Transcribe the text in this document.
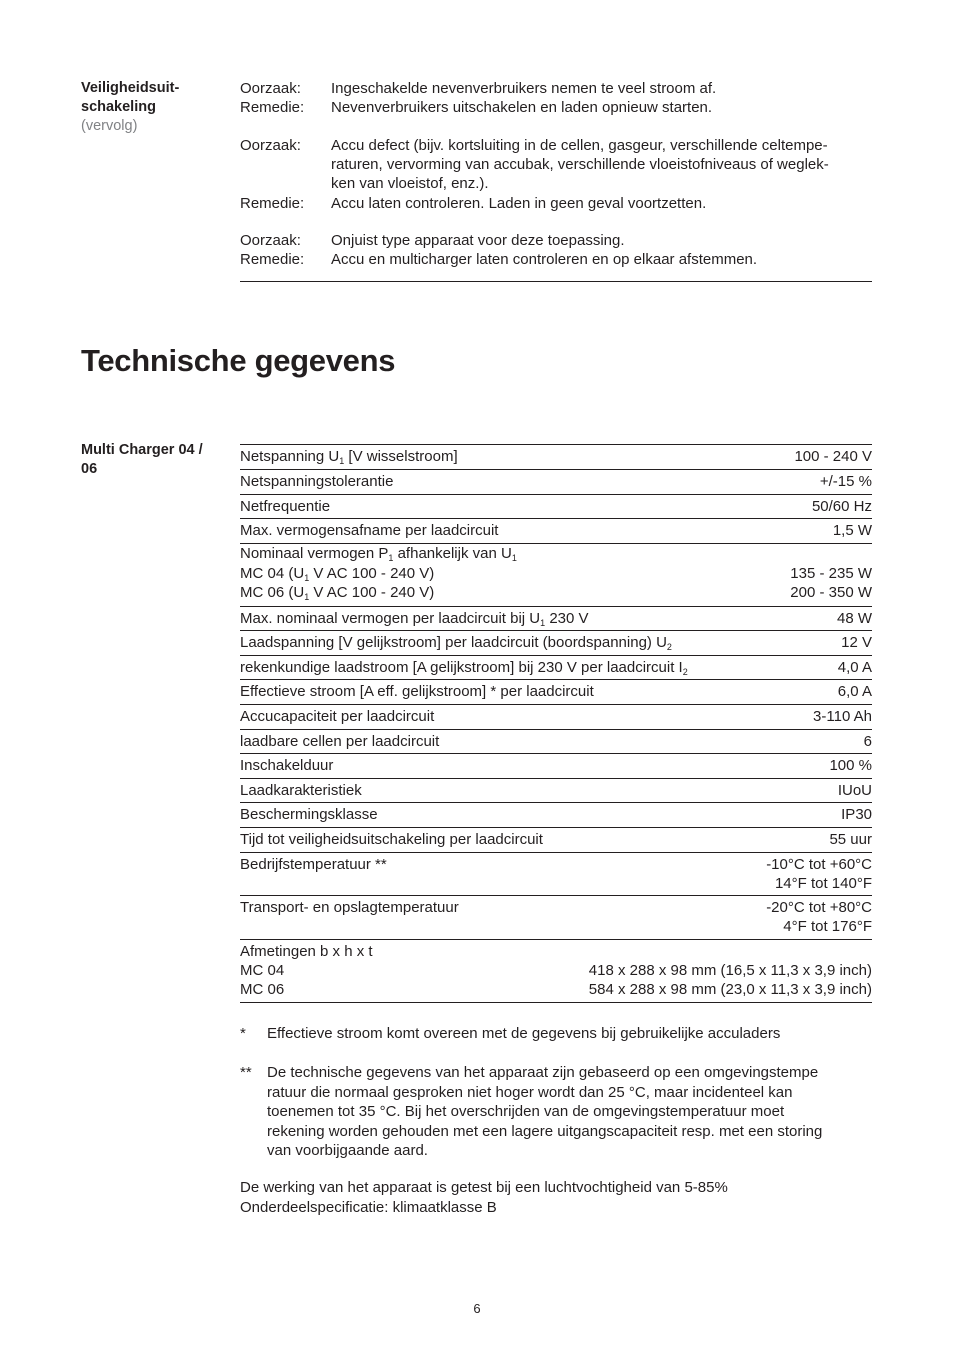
Veiligheidsuit-
schakeling
(vervolg)
Oorzaak: Ingeschakelde nevenverbruikers nemen te veel stroom af.
Remedie: Nevenverbruikers uitschakelen en laden opnieuw starten.
Oorzaak: Accu defect (bijv. kortsluiting in de cellen, gasgeur, verschillende celtempe-
raturen, vervorming van accubak, verschillende vloeistofniveaus of weglek-
ken van vloeistof, enz.).
Remedie: Accu laten controleren. Laden in geen geval voortzetten.
Oorzaak: Onjuist type apparaat voor deze toepassing.
Remedie: Accu en multicharger laten controleren en op elkaar afstemmen.
Technische gegevens
Multi Charger 04 /
06
Netspanning $U_1$ [V wisselstroom]	100 - 240 V
Netspanningstolerantie	+/-15 %
Netfrequentie	50/60 Hz
Max. vermogensafname per laadcircuit	1,5 W
Nominaal vermogen $P_1$ afhankelijk van $U_1$
MC 04 ($U_1$ V AC 100 - 240 V)	135 - 235 W
MC 06 ($U_1$ V AC 100 - 240 V)	200 - 350 W
Max. nominaal vermogen per laadcircuit bij $U_1$ 230 V	48 W
Laadspanning [V gelijkstroom] per laadcircuit (boordspanning) $U_2$	12 V
rekenkundige laadstroom [A gelijkstroom] bij 230 V per laadcircuit $I_2$	4,0 A
Effectieve stroom [A eff. gelijkstroom] * per laadcircuit	6,0 A
Accucapaciteit per laadcircuit	3-110 Ah
laadbare cellen per laadcircuit	6
Inschakelduur	100 %
Laadkarakteristiek	IUoU
Beschermingsklasse	IP30
Tijd tot veiligheidsuitschakeling per laadcircuit	55 uur
Bedrijfstemperatuur **	-10°C tot +60°C
14°F tot 140°F
Transport- en opslagtemperatuur	-20°C tot +80°C
4°F tot 176°F
Afmetingen b x h x t
MC 04	418 x 288 x 98 mm (16,5 x 11,3 x 3,9 inch)
MC 06	584 x 288 x 98 mm (23,0 x 11,3 x 3,9 inch)
* Effectieve stroom komt overeen met de gegevens bij gebruikelijke acculaders
** De technische gegevens van het apparaat zijn gebaseerd op een omgevingstempe
ratuur die normaal gesproken niet hoger wordt dan 25 °C, maar incidenteel kan
toenemen tot 35 °C. Bij het overschrijden van de omgevingstemperatuur moet
rekening worden gehouden met een lagere uitgangscapaciteit resp. met een storing
van voorbijgaande aard.
De werking van het apparaat is getest bij een luchtvochtigheid van 5-85%
Onderdeelspecificatie: klimaatklasse B
6
